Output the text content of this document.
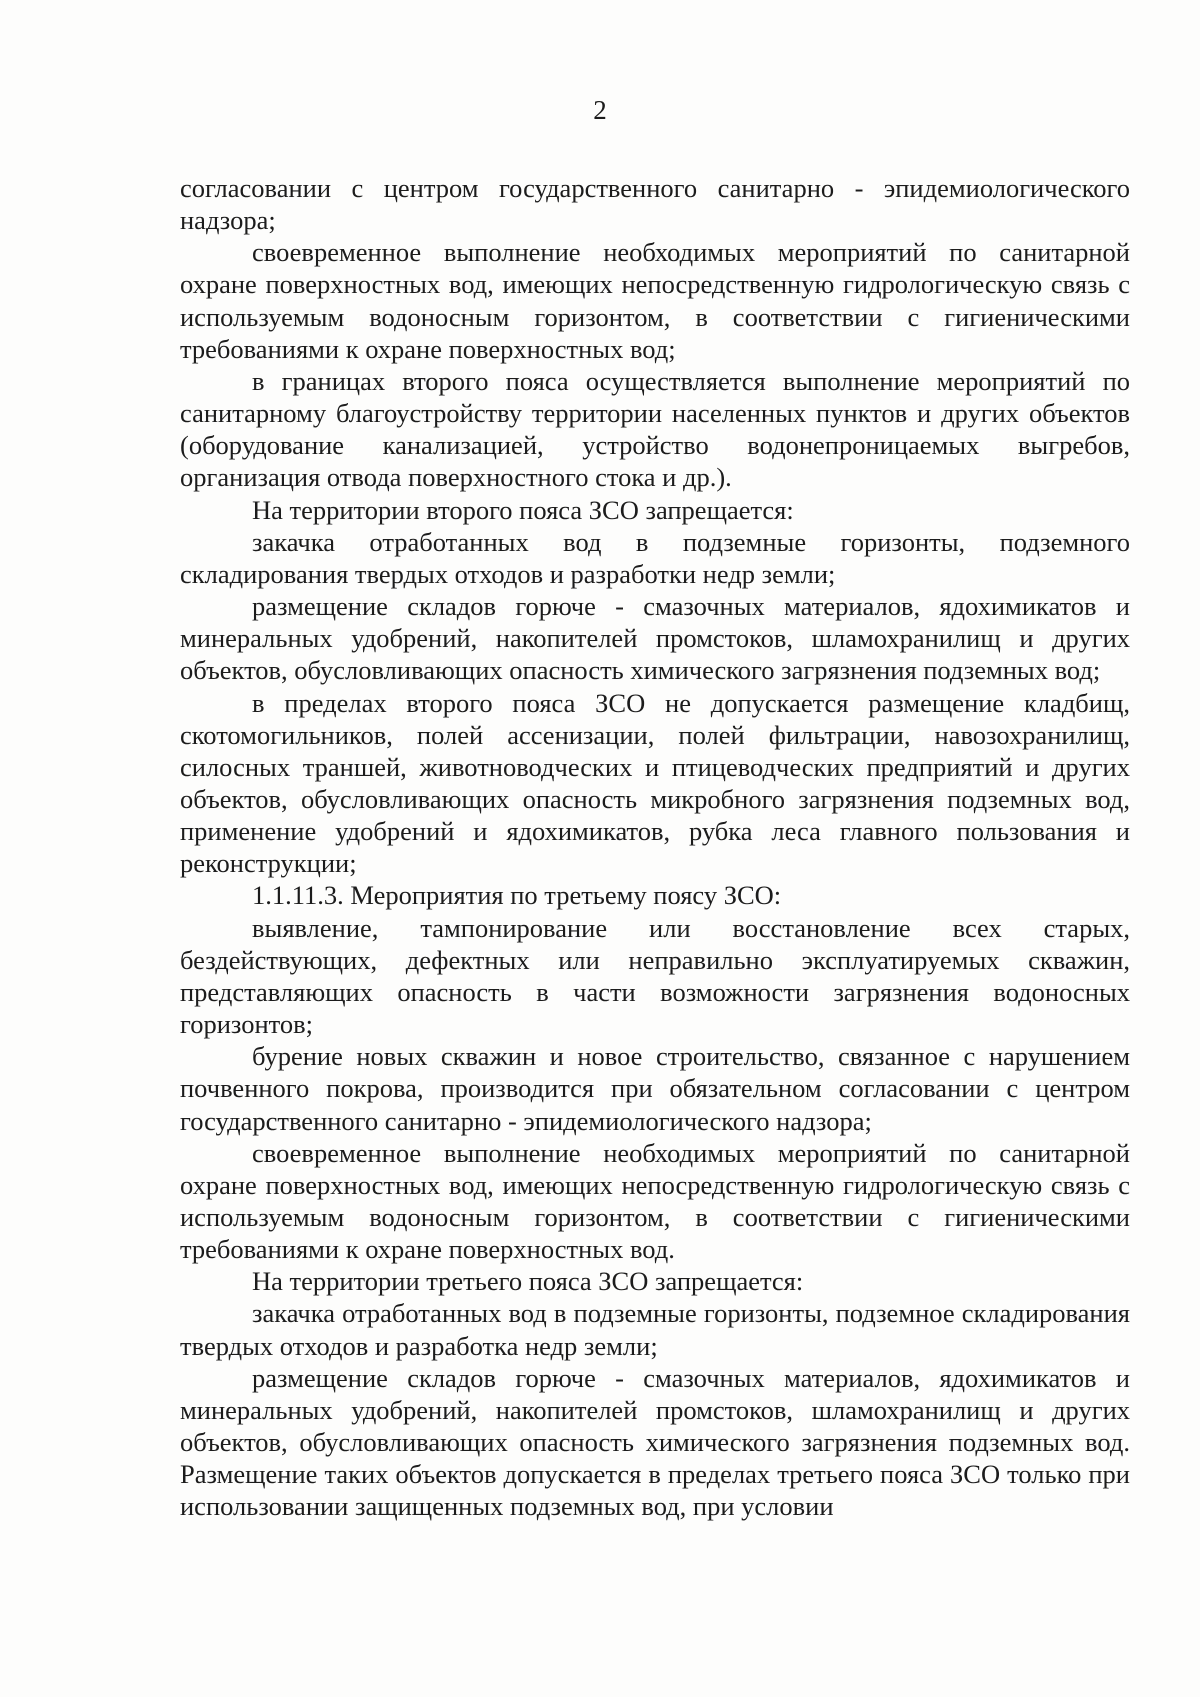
2

согласовании с центром государственного санитарно - эпидемиологического надзора;

своевременное выполнение необходимых мероприятий по санитарной охране поверхностных вод, имеющих непосредственную гидрологическую связь с используемым водоносным горизонтом, в соответствии с гигиеническими требованиями к охране поверхностных вод;

в границах второго пояса осуществляется выполнение мероприятий по санитарному благоустройству территории населенных пунктов и других объектов (оборудование канализацией, устройство водонепроницаемых выгребов, организация отвода поверхностного стока и др.).

На территории второго пояса ЗСО запрещается:

закачка отработанных вод в подземные горизонты, подземного складирования твердых отходов и разработки недр земли;

размещение складов горюче - смазочных материалов, ядохимикатов и минеральных удобрений, накопителей промстоков, шламохранилищ и других объектов, обусловливающих опасность химического загрязнения подземных вод;

в пределах второго пояса ЗСО не допускается размещение кладбищ, скотомогильников, полей ассенизации, полей фильтрации, навозохранилищ, силосных траншей, животноводческих и птицеводческих предприятий и других объектов, обусловливающих опасность микробного загрязнения подземных вод, применение удобрений и ядохимикатов, рубка леса главного пользования и реконструкции;

1.1.11.3. Мероприятия по третьему поясу ЗСО:

выявление, тампонирование или восстановление всех старых, бездействующих, дефектных или неправильно эксплуатируемых скважин, представляющих опасность в части возможности загрязнения водоносных горизонтов;

бурение новых скважин и новое строительство, связанное с нарушением почвенного покрова, производится при обязательном согласовании с центром государственного санитарно - эпидемиологического надзора;

своевременное выполнение необходимых мероприятий по санитарной охране поверхностных вод, имеющих непосредственную гидрологическую связь с используемым водоносным горизонтом, в соответствии с гигиеническими требованиями к охране поверхностных вод.

На территории третьего пояса ЗСО запрещается:

закачка отработанных вод в подземные горизонты, подземное складирования твердых отходов и разработка недр земли;

размещение складов горюче - смазочных материалов, ядохимикатов и минеральных удобрений, накопителей промстоков, шламохранилищ и других объектов, обусловливающих опасность химического загрязнения подземных вод. Размещение таких объектов допускается в пределах третьего пояса ЗСО только при использовании защищенных подземных вод, при условии
